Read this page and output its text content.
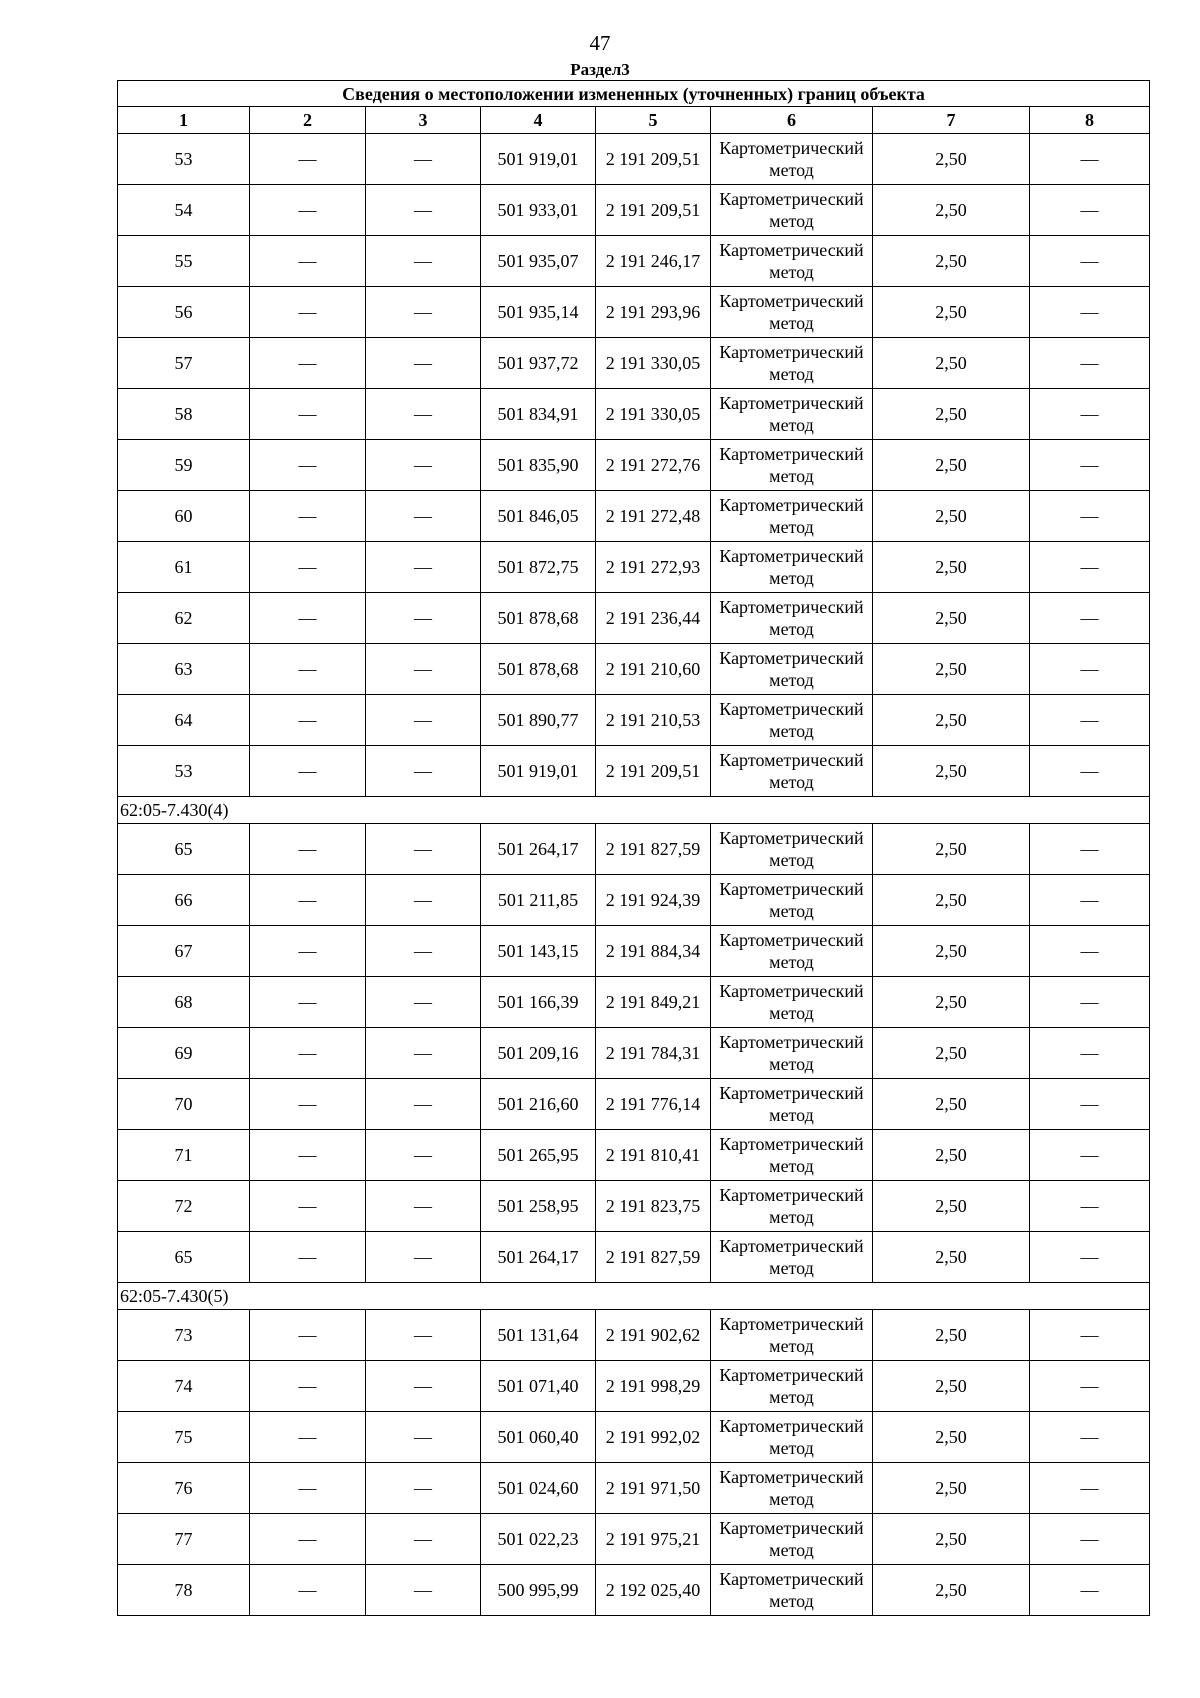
47
Раздел3
Сведения о местоположении измененных (уточненных) границ объекта							
1	2	3	4	5	6	7	8
53	—	—	501 919,01	2 191 209,51	Картометрический метод	2,50	—
54	—	—	501 933,01	2 191 209,51	Картометрический метод	2,50	—
55	—	—	501 935,07	2 191 246,17	Картометрический метод	2,50	—
56	—	—	501 935,14	2 191 293,96	Картометрический метод	2,50	—
57	—	—	501 937,72	2 191 330,05	Картометрический метод	2,50	—
58	—	—	501 834,91	2 191 330,05	Картометрический метод	2,50	—
59	—	—	501 835,90	2 191 272,76	Картометрический метод	2,50	—
60	—	—	501 846,05	2 191 272,48	Картометрический метод	2,50	—
61	—	—	501 872,75	2 191 272,93	Картометрический метод	2,50	—
62	—	—	501 878,68	2 191 236,44	Картометрический метод	2,50	—
63	—	—	501 878,68	2 191 210,60	Картометрический метод	2,50	—
64	—	—	501 890,77	2 191 210,53	Картометрический метод	2,50	—
53	—	—	501 919,01	2 191 209,51	Картометрический метод	2,50	—
62:05-7.430(4)							
65	—	—	501 264,17	2 191 827,59	Картометрический метод	2,50	—
66	—	—	501 211,85	2 191 924,39	Картометрический метод	2,50	—
67	—	—	501 143,15	2 191 884,34	Картометрический метод	2,50	—
68	—	—	501 166,39	2 191 849,21	Картометрический метод	2,50	—
69	—	—	501 209,16	2 191 784,31	Картометрический метод	2,50	—
70	—	—	501 216,60	2 191 776,14	Картометрический метод	2,50	—
71	—	—	501 265,95	2 191 810,41	Картометрический метод	2,50	—
72	—	—	501 258,95	2 191 823,75	Картометрический метод	2,50	—
65	—	—	501 264,17	2 191 827,59	Картометрический метод	2,50	—
62:05-7.430(5)							
73	—	—	501 131,64	2 191 902,62	Картометрический метод	2,50	—
74	—	—	501 071,40	2 191 998,29	Картометрический метод	2,50	—
75	—	—	501 060,40	2 191 992,02	Картометрический метод	2,50	—
76	—	—	501 024,60	2 191 971,50	Картометрический метод	2,50	—
77	—	—	501 022,23	2 191 975,21	Картометрический метод	2,50	—
78	—	—	500 995,99	2 192 025,40	Картометрический метод	2,50	—
